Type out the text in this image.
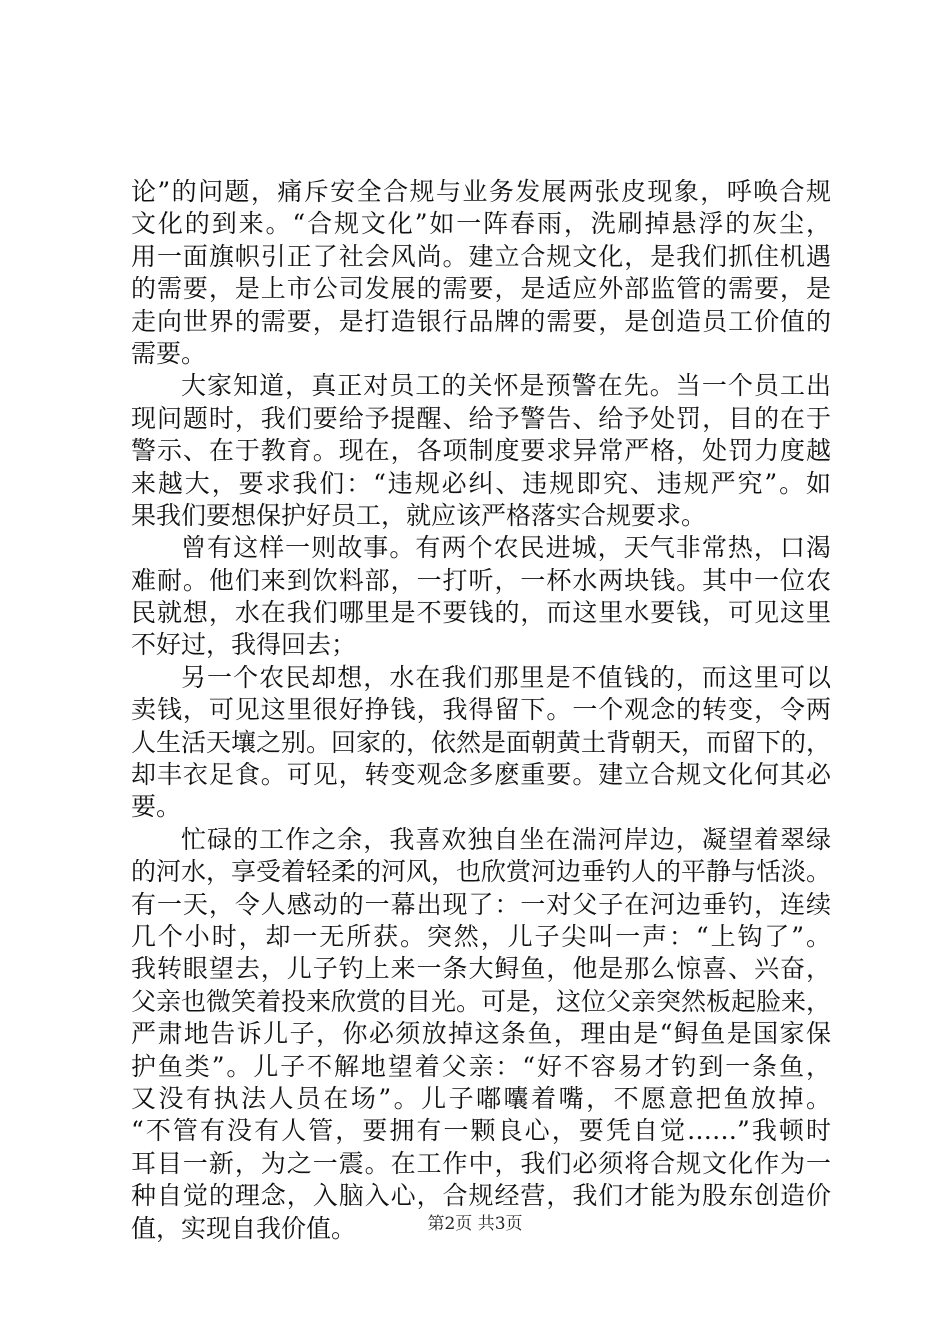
论”的问题，痛斥安全合规与业务发展两张皮现象，呼唤合规
文化的到来。“合规文化”如一阵春雨，洗刷掉悬浮的灰尘，
用一面旗帜引正了社会风尚。建立合规文化，是我们抓住机遇
的需要，是上市公司发展的需要，是适应外部监管的需要，是
走向世界的需要，是打造银行品牌的需要，是创造员工价值的
需要。
大家知道，真正对员工的关怀是预警在先。当一个员工出
现问题时，我们要给予提醒、给予警告、给予处罚，目的在于
警示、在于教育。现在，各项制度要求异常严格，处罚力度越
来越大，要求我们：“违规必纠、违规即究、违规严究”。如
果我们要想保护好员工，就应该严格落实合规要求。
曾有这样一则故事。有两个农民进城，天气非常热，口渴
难耐。他们来到饮料部，一打听，一杯水两块钱。其中一位农
民就想，水在我们哪里是不要钱的，而这里水要钱，可见这里
不好过，我得回去；
另一个农民却想，水在我们那里是不值钱的，而这里可以
卖钱，可见这里很好挣钱，我得留下。一个观念的转变，令两
人生活天壤之别。回家的，依然是面朝黄土背朝天，而留下的，
却丰衣足食。可见，转变观念多麽重要。建立合规文化何其必
要。
忙碌的工作之余，我喜欢独自坐在湍河岸边，凝望着翠绿
的河水，享受着轻柔的河风，也欣赏河边垂钓人的平静与恬淡。
有一天，令人感动的一幕出现了：一对父子在河边垂钓，连续
几个小时，却一无所获。突然，儿子尖叫一声：“上钩了”。
我转眼望去，儿子钓上来一条大鲟鱼，他是那么惊喜、兴奋，
父亲也微笑着投来欣赏的目光。可是，这位父亲突然板起脸来，
严肃地告诉儿子，你必须放掉这条鱼，理由是“鲟鱼是国家保
护鱼类”。儿子不解地望着父亲：“好不容易才钓到一条鱼，
又没有执法人员在场”。儿子嘟囔着嘴，不愿意把鱼放掉。
“不管有没有人管，要拥有一颗良心，要凭自觉……”我顿时
耳目一新，为之一震。在工作中，我们必须将合规文化作为一
种自觉的理念，入脑入心，合规经营，我们才能为股东创造价
值，实现自我价值。	第2页 共3页
